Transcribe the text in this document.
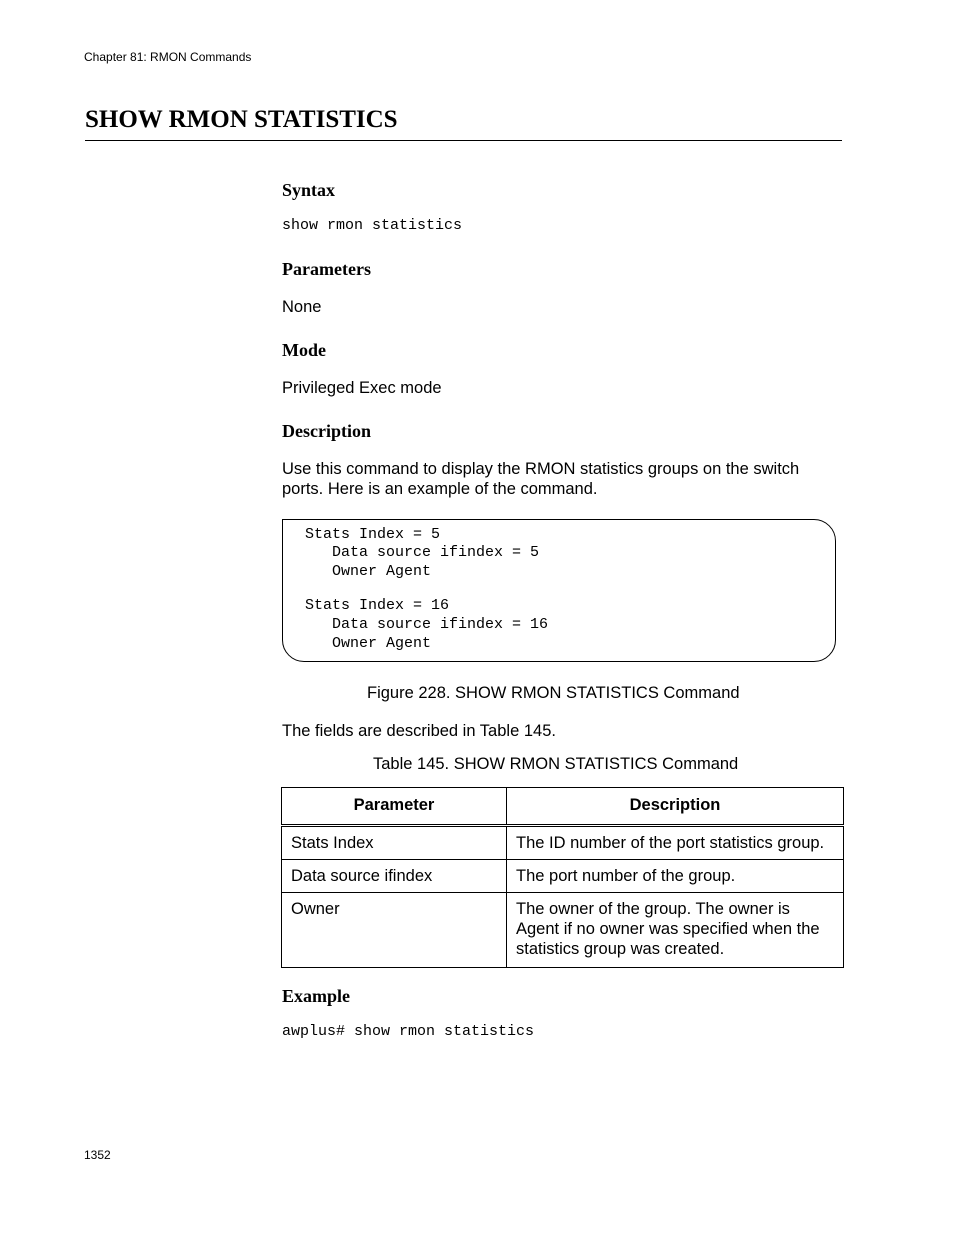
Chapter 81: RMON Commands
SHOW RMON STATISTICS
Syntax
show rmon statistics
Parameters
None
Mode
Privileged Exec mode
Description
Use this command to display the RMON statistics groups on the switch
ports. Here is an example of the command.
Stats Index = 5
Data source ifindex = 5
Owner Agent
Stats Index = 16
Data source ifindex = 16
Owner Agent
Figure 228. SHOW RMON STATISTICS Command
The fields are described in Table 145.
Table 145. SHOW RMON STATISTICS Command
Parameter	Description
Stats Index	The ID number of the port statistics group.
Data source ifindex	The port number of the group.
Owner	The owner of the group. The owner is Agent if no owner was specified when the statistics group was created.
Example
awplus# show rmon statistics
1352
